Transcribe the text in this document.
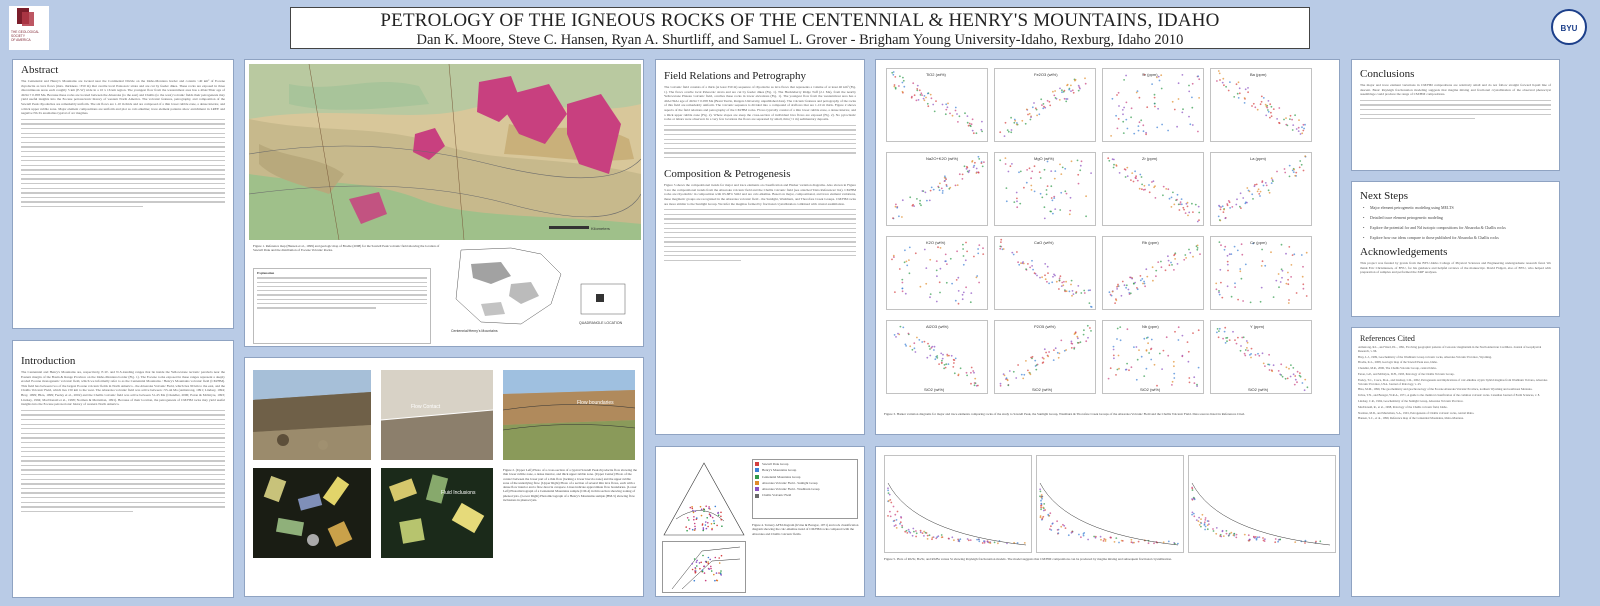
THE GEOLOGICAL
SOCIETY
OF AMERICA
PETROLOGY OF THE IGNEOUS ROCKS OF THE CENTENNIAL & HENRY'S MOUNTAINS, IDAHO
Dan K. Moore, Steve C. Hansen, Ryan A. Shurtliff, and Samuel L. Grover - Brigham Young University-Idaho, Rexburg, Idaho 2010
BYU
Abstract
The Centennial and Henry's Mountains are located near the Continental Divide on the Idaho-Montana border and contain ~40 km² of Eocene rhyodacite as lava flows (max. thickness ~350 m) that overlie local Paleozoic strata and are cut by feeder dikes. These rocks are exposed in three discontinuous areas each roughly 5 km (E-W) wide in a 10 x 16 km region. The youngest flow from the westernmost area has a 40Ar/39Ar age of 49.94 ± 0.058 Ma. Because these rocks are located between the Absaroka (to the east) and Challis (to the west) volcanic fields their petrogenesis may yield useful insights into the Eocene petrotectonic history of western North America. The volcanic features, petrography, and composition of the Sawtell Peak rhyodacites are remarkably uniform. The six flows are 1-10 m thick and are composed of a thin lower rubble zone, a dense interior, and a thick upper rubble zone. Major element compositions are uniform and plot as calc-alkaline; trace element patterns show enrichment in LREE and negative Nb-Ta anomalies typical of arc magmas.
Introduction
The Centennial and Henry's Mountains are, respectively, E-W- and N-S-trending ranges that lie inside the Yellowstone tectonic parabola near the Eastern margin of the Basin & Range Province on the Idaho-Montana border (Fig. 1). The Eocene rocks exposed in these ranges represent a deeply eroded Eocene monogenetic volcanic field, which we informally refer to as the Centennial Mountains / Henry's Mountains volcanic field (CM/HM). This field has between two of the largest Eocene volcanic fields in North America - the Absaroka Volcanic Field, which lies 90 km to the east, and the Challis Volcanic Field, which lies 150 km to the west. The Absaroka volcanic field was active between ~55-44 Ma (Armstrong, 1991; Lindsay, 1994; Bray, 1999; Hiza, 1999; Feeley et al., 2002) and the Challis volcanic field was active between 51-45 Ma (Chandler, 2006; Eaton & McIntyre, 1993; Lindsay, 1994; MacDonald et al., 1998; Norman & Mertzman, 1991). Because of their location, the petrogenesis of CM/HM rocks may yield useful insights into the Eocene petrotectonic history of western North America.
Kilometers
Figure 1. Reference map (Hansen et al., 1999) and geologic map of Brodie (2008) for the Sawtell Peak volcanic field showing the location of Sawtell Peak and the distribution of Eocene Volcanic Rocks.
Explanation
QUADRANGLE LOCATION
Centennial/Henry's Mountains
Flow Contact
Flow boundaries
Fluid Inclusions
Figure 2. (Upper Left) Photo of a cross-section of a typical Sawtell Peak rhyodacite flow showing the thin lower rubble zone, a dense interior, and thick upper rubble zone. (Upper Center) Photo of the contact between the lower part of a thin flow (lacking a lower breccia zone) and the upper rubble zone of the underlying flow. (Upper Right) Photo of a section of several thin lava flows, each with a dense flow interior and a flow-breccia carapace. Lines indicate approximate flow boundaries. (Lower Left) Photomicrograph of a Centennial Mountains sample (CM-4) in thin section showing zoning of phenocrysts. (Lower Right) Photomicrograph of a Henry's Mountains sample (HM-5) showing flow inclusions in phenocrysts.
Field Relations and Petrography
The volcanic field consists of a thick (at least 350 m) sequence of rhyodacite as lava flows that represents a volume of at least 40 km³ (Fig. 1). The flows overlie local Paleozoic strata and are cut by feeder dikes (Fig. 1). The Huckleberry Ridge Tuff (2.1 Ma), from the nearby Yellowstone Plateau volcanic field, overlies these rocks in lower elevations (Fig. 1). The youngest flow from the westernmost area has a 40Ar/39Ar age of 49.94 ± 0.058 Ma (Brent Turrin, Rutgers University, unpublished data). The volcanic features and petrography of the rocks of this field are remarkably uniform. The volcanic sequence is divided into a compound of sixflows that are 1-10 m thick. Figure 2 shows aspects of the field relations and petrography of the CM/HM rocks. Flows typically consist of a thin lower rubble zone, a dense interior, and a thick upper rubble zone (Fig. 2). Where slopes are steep the cross-section of individual lava flows are exposed (Fig. 2). No pyroclastic rocks or lahars were observed. In a very few locations the flows are separated by small, thin (<1 m) sedimentary deposits.
Composition & Petrogenesis
Figure 3 shows the compositional trends for major and trace elements on classification and Harker variation diagrams. Also shown in Figure 3 are the compositional trends from the Absaroka volcanic field and the Challis volcanic field (see attached 'Data References' list). CM/HM rocks are rhyodacitic in composition with 63-68% SiO2 and are calc-alkaline. Based on major, compositional, and trace element variations, these magmatic groups are recognized in the Absaroka volcanic field - the Sunlight, Washburn, and Thorofare Creek Groups. CM/HM rocks are more similar to the Sunlight Group. We infer the magmas formed by fractional crystallization combined with crustal assimilation.
Sawtell Peak Group
Henry's Mountains Group
Centennial Mountains Group
Absaroka Volcanic Field - Sunlight Group
Absaroka Volcanic Field - Washburn Group
Challis Volcanic Field
Figure 4. Ternary AFM diagram (Irvine & Baragar, 1971) and rock classification diagram showing the calc-alkaline trend of CM/HM rocks compared with the Absaroka and Challis volcanic fields.
TiO2 (wt%)	Fe2O3 (wt%)	Sr (ppm)	Ba (ppm)
Na2O+K2O (wt%)	MgO (wt%)	Zr (ppm)	La (ppm)
K2O (wt%)	CaO (wt%)	Rb (ppm)	Ce (ppm)
Al2O3 (wt%)
SiO2 (wt%)
P2O5 (wt%)
SiO2 (wt%)
Nb (ppm)
SiO2 (wt%)
Y (ppm)
SiO2 (wt%)
Figure 3. Harker variation diagrams for major and trace elements comparing rocks of the study to Sawtell Peak, the Sunlight Group, Washburn & Thorofare Creek Groups of the Absaroka Volcanic Field and the Challis Volcanic Field. Data sources listed in References Cited.
Figure 5. Plots of Rb/Sr, Ba/Sr, and Rb/Ba versus Sr showing Rayleigh fractionation models. The model suggests that CM/HM compositions can be produced by magma mixing and subsequent fractional crystallization.
Conclusions
The major and trace element variations in CM/HM compositions are relatively small and do not follow straight forward liquid line of descent. Basic Rayleigh fractionation modeling suggests that magma mixing and fractional crystallization of the observed phenocryst assemblage could produce the range of CM/HM compositions.
Next Steps
• Major element petrogenetic modeling using MELTS
• Detailed trace element petrogenetic modeling
• Explore the potential for and Nd isotopic compositions for Absaroka & Challis rocks
• Explore how our ideas compare to those published for Absaroka & Challis rocks
Acknowledgements
This project was funded by grants from the BYU-Idaho College of Physical Sciences and Engineering undergraduate research fund. We thank Eric Christiansen, of BYU, for his guidance and helpful reviews of the manuscript. David Fidgett, also of BYU, who helped with preparation of samples and performed the XRF analyses.
References Cited
Armstrong, R.L., and Ward, P.L., 1991, Evolving geographic patterns of Cenozoic magmatism in the North American Cordillera. Journal of Geophysical Research, v. 96.
Bray, L.J., 1999, Geochemistry of the Washburn Group volcanic rocks, Absaroka Volcanic Province, Wyoming.
Brodie, K.L., 2008, Geologic map of the Sawtell Peak area, Idaho.
Chandler, M.R., 2006, The Challis Volcanic Group, central Idaho.
Eaton, G.P., and McIntyre, D.H., 1993, Petrology of the Challis Volcanic Group.
Feeley, T.C., Cosca, M.A., and Lindsay, C.R., 2002, Petrogenesis and implications of calc-alkaline cryptic hybrid magmas from Washburn Volcano, Absaroka Volcanic Province, USA. Journal of Petrology, v. 43.
Hiza, M.M., 1999, The geochemistry and geochronology of the Eocene Absaroka Volcanic Province, northern Wyoming and southwest Montana.
Irvine, T.N., and Baragar, W.R.A., 1971, A guide to the chemical classification of the common volcanic rocks. Canadian Journal of Earth Sciences, v. 8.
Lindsay, C.R., 1994, Geochemistry of the Sunlight Group, Absaroka Volcanic Province.
MacDonald, R., et al., 1998, Petrology of the Challis volcanic field, Idaho.
Norman, M.D., and Mertzman, S.A., 1991, Petrogenesis of Challis volcanic rocks, central Idaho.
Hansen, S.C., et al., 1999, Reference map of the Centennial Mountains, Idaho-Montana.
